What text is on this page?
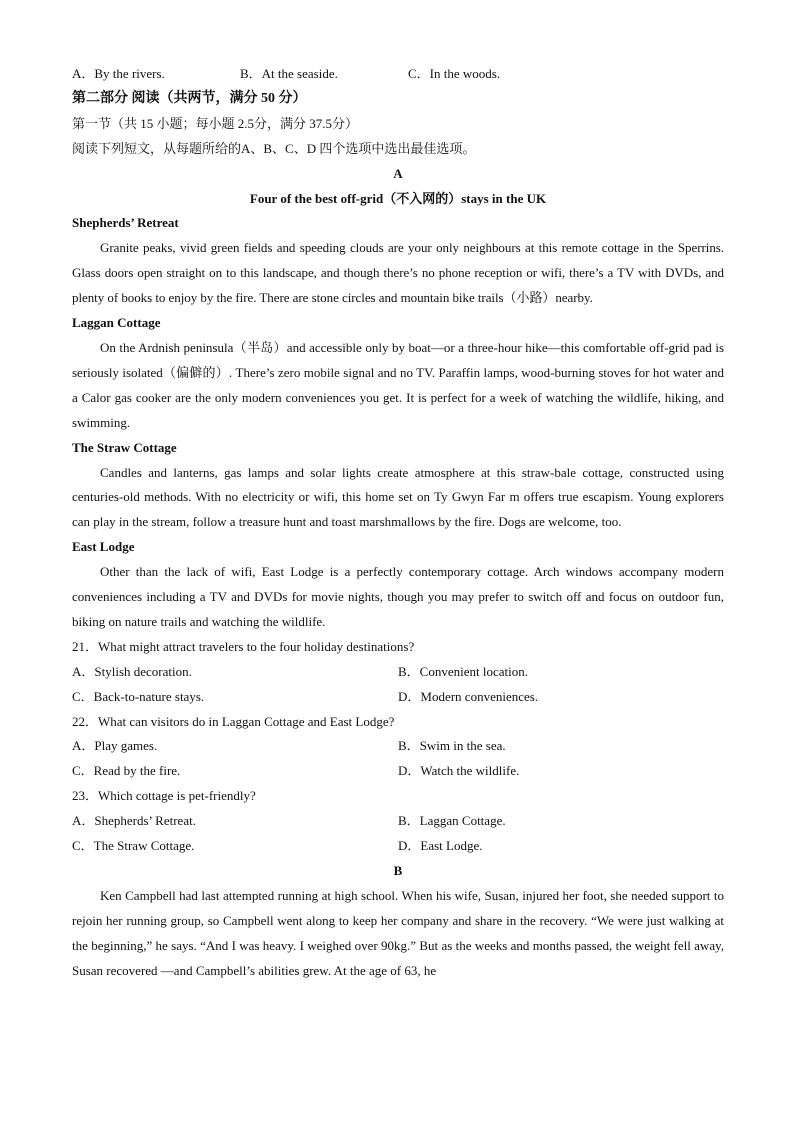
A．By the rivers.	B．At the seaside.	C．In the woods.
第二部分 阅读（共两节，满分 50 分）
第一节（共 15 小题；每小题 2.5分，满分 37.5分）
阅读下列短文，从每题所给的A、B、C、D 四个选项中选出最佳选项。
A
Four of the best off-grid（不入网的）stays in the UK
Shepherds’ Retreat
Granite peaks, vivid green fields and speeding clouds are your only neighbours at this remote cottage in the Sperrins. Glass doors open straight on to this landscape, and though there’s no phone reception or wifi, there’s a TV with DVDs, and plenty of books to enjoy by the fire. There are stone circles and mountain bike trails（小路）nearby.
Laggan Cottage
On the Ardnish peninsula（半岛）and accessible only by boat—or a three-hour hike—this comfortable off-grid pad is seriously isolated（偏僻的）. There’s zero mobile signal and no TV. Paraffin lamps, wood-burning stoves for hot water and a Calor gas cooker are the only modern conveniences you get. It is perfect for a week of watching the wildlife, hiking, and swimming.
The Straw Cottage
Candles and lanterns, gas lamps and solar lights create atmosphere at this straw-bale cottage, constructed using centuries-old methods. With no electricity or wifi, this home set on Ty Gwyn Far m offers true escapism. Young explorers can play in the stream, follow a treasure hunt and toast marshmallows by the fire. Dogs are welcome, too.
East Lodge
Other than the lack of wifi, East Lodge is a perfectly contemporary cottage. Arch windows accompany modern conveniences including a TV and DVDs for movie nights, though you may prefer to switch off and focus on outdoor fun, biking on nature trails and watching the wildlife.
21．What might attract travelers to the four holiday destinations?
A．Stylish decoration.	B．Convenient location.
C．Back-to-nature stays.	D．Modern conveniences.
22．What can visitors do in Laggan Cottage and East Lodge?
A．Play games.	B．Swim in the sea.
C．Read by the fire.	D．Watch the wildlife.
23．Which cottage is pet-friendly?
A．Shepherds’ Retreat.	B．Laggan Cottage.
C．The Straw Cottage.	D．East Lodge.
B
Ken Campbell had last attempted running at high school. When his wife, Susan, injured her foot, she needed support to rejoin her running group, so Campbell went along to keep her company and share in the recovery. “We were just walking at the beginning,” he says. “And I was heavy. I weighed over 90kg.” But as the weeks and months passed, the weight fell away, Susan recovered —and Campbell’s abilities grew. At the age of 63, he
